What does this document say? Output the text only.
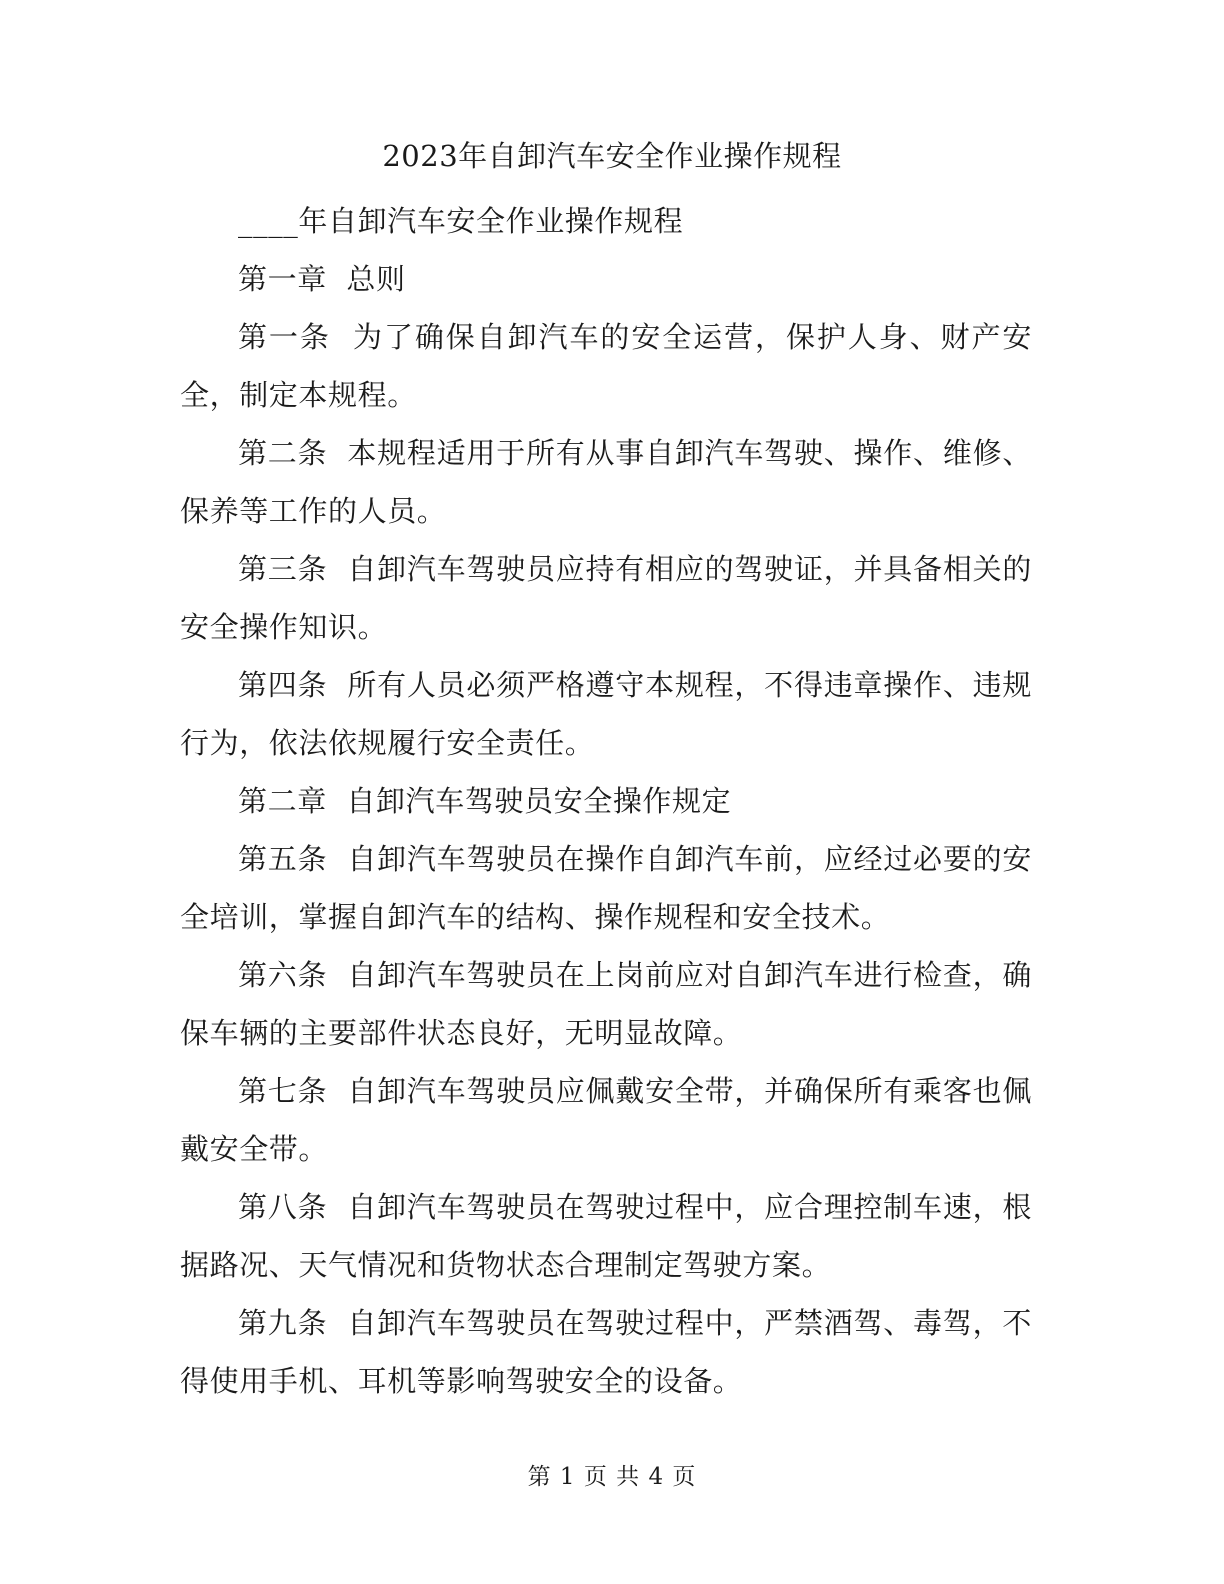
2023年自卸汽车安全作业操作规程

____年自卸汽车安全作业操作规程

第一章  总则

第一条  为了确保自卸汽车的安全运营，保护人身、财产安全，制定本规程。

第二条  本规程适用于所有从事自卸汽车驾驶、操作、维修、保养等工作的人员。

第三条  自卸汽车驾驶员应持有相应的驾驶证，并具备相关的安全操作知识。

第四条  所有人员必须严格遵守本规程，不得违章操作、违规行为，依法依规履行安全责任。

第二章  自卸汽车驾驶员安全操作规定

第五条  自卸汽车驾驶员在操作自卸汽车前，应经过必要的安全培训，掌握自卸汽车的结构、操作规程和安全技术。

第六条  自卸汽车驾驶员在上岗前应对自卸汽车进行检查，确保车辆的主要部件状态良好，无明显故障。

第七条  自卸汽车驾驶员应佩戴安全带，并确保所有乘客也佩戴安全带。

第八条  自卸汽车驾驶员在驾驶过程中，应合理控制车速，根据路况、天气情况和货物状态合理制定驾驶方案。

第九条  自卸汽车驾驶员在驾驶过程中，严禁酒驾、毒驾，不得使用手机、耳机等影响驾驶安全的设备。

第 1 页 共 4 页
